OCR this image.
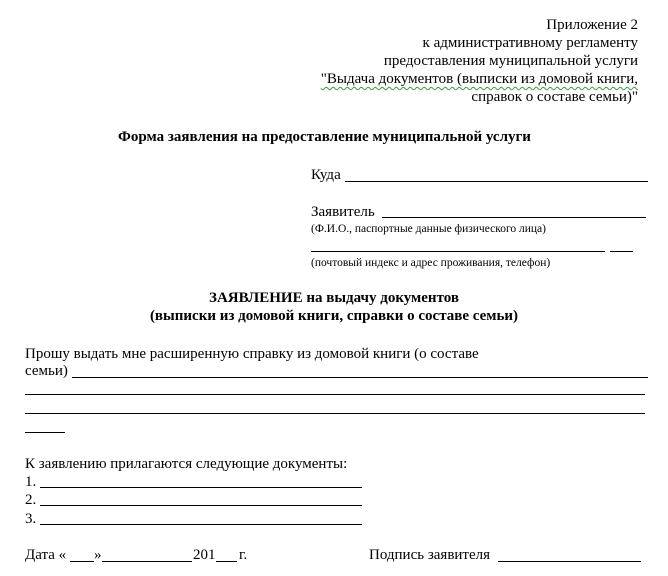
Приложение 2
к административному регламенту
предоставления муниципальной услуги
"Выдача документов (выписки из домовой книги,
справок о составе семьи)"
Форма заявления на предоставление муниципальной услуги
Куда
Заявитель
(Ф.И.О., паспортные данные физического лица)
(почтовый индекс и адрес проживания, телефон)
ЗАЯВЛЕНИЕ на выдачу документов
(выписки из домовой книги, справки о составе семьи)
Прошу выдать мне расширенную справку из домовой книги (о составе
семьи)
К заявлению прилагаются следующие документы:
1.
2.
3.
Дата « »	201 г.	Подпись заявителя
